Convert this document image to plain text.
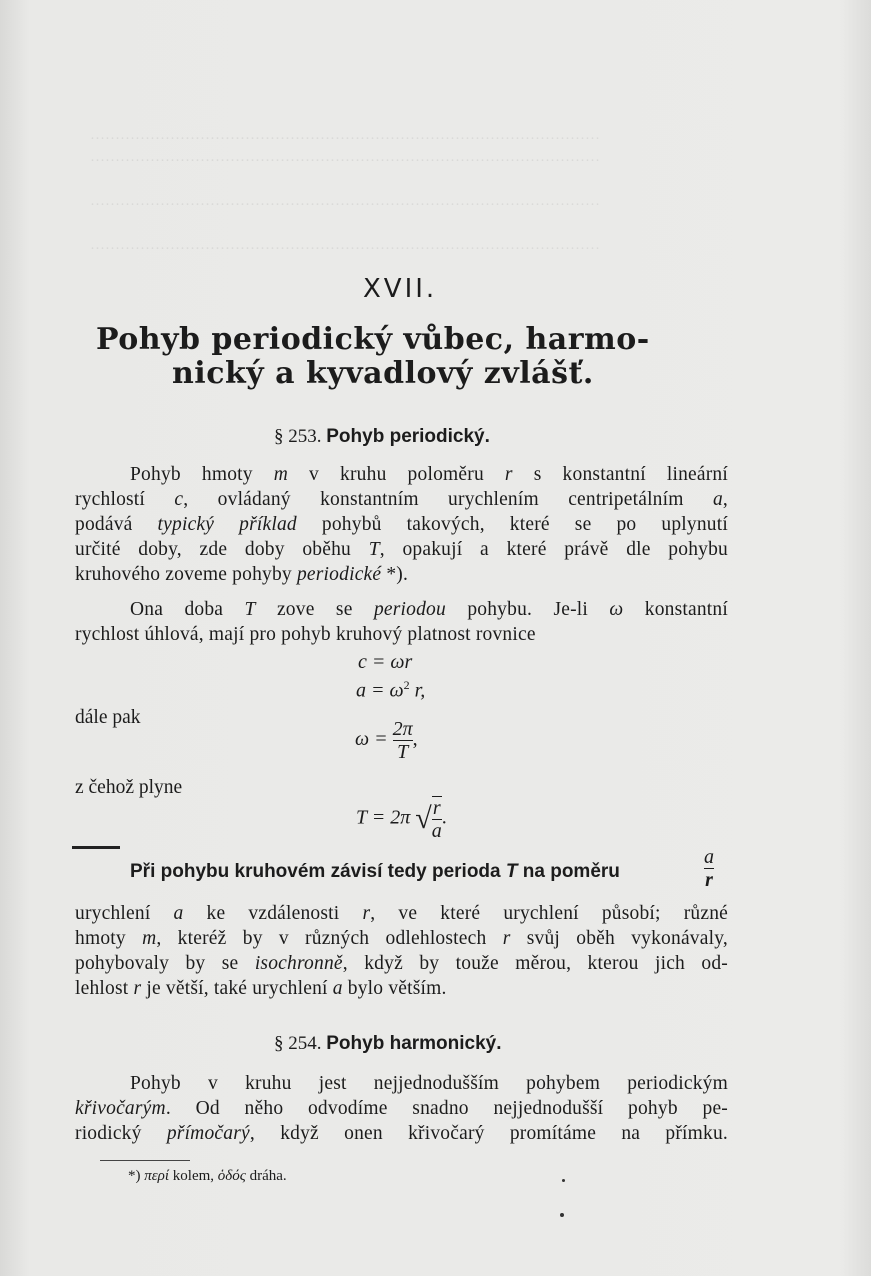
…………………………………………………………………………………………
…………………………………………………………………………………………
…………………………………………………………………………………………
…………………………………………………………………………………………
XVII.
Pohyb periodický vůbec, harmo-
nický a kyvadlový zvlášť.
§ 253. Pohyb periodický.
Pohyb hmoty m v kruhu poloměru r s konstantní lineární
rychlostí c, ovládaný konstantním urychlením centripetálním a,
podává typický příklad pohybů takových, které se po uplynutí
určité doby, zde doby oběhu T, opakují a které právě dle pohybu
kruhového zoveme pohyby periodické *).
Ona doba T zove se periodou pohybu. Je-li ω konstantní
rychlost úhlová, mají pro pohyb kruhový platnost rovnice
c = ωr
$a = \omega^2$ r,
dále pak
$\omega = \frac{2\pi}{T}$ ,
z čehož plyne
T = 2π √ $\frac{r}{a}$ .
Při pohybu kruhovém závisí tedy perioda T na poměru	$\frac{a}{r}$
urychlení a ke vzdálenosti r, ve které urychlení působí; různé
hmoty m, kteréž by v různých odlehlostech r svůj oběh vykonávaly,
pohybovaly by se isochronně, když by touže měrou, kterou jich od-
lehlost r je větší, také urychlení a bylo větším.
§ 254. Pohyb harmonický.
Pohyb v kruhu jest nejjednodušším pohybem periodickým
křivočarým. Od něho odvodíme snadno nejjednodušší pohyb pe-
riodický přímočarý, když onen křivočarý promítáme na přímku.
*) περί kolem, ὁδός dráha.
